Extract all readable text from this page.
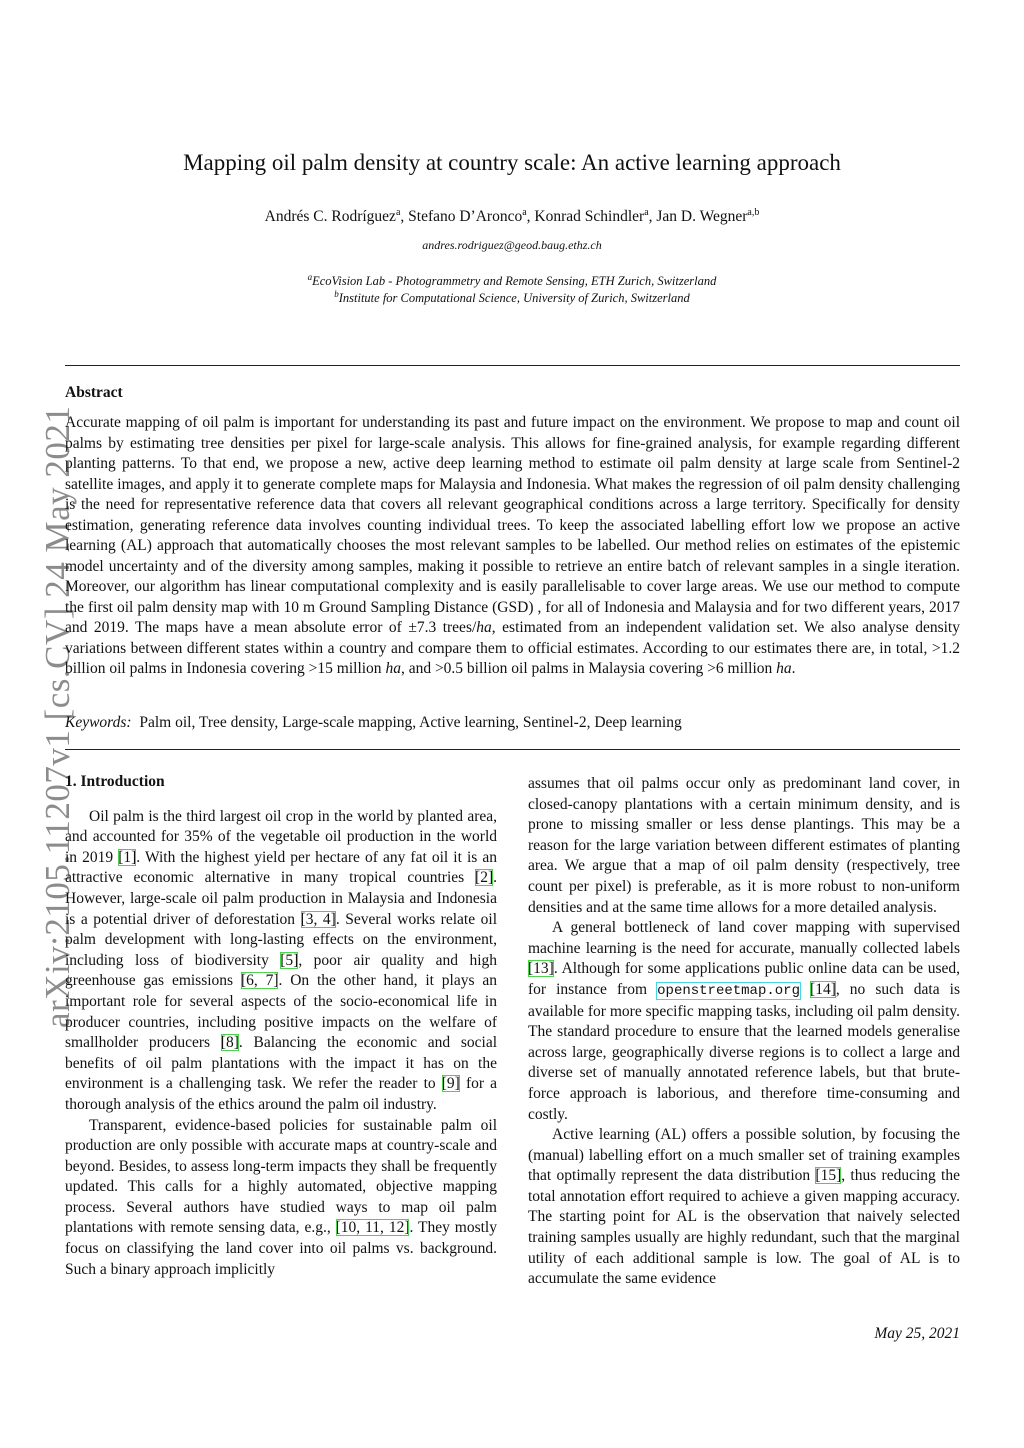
arXiv:2105.11207v1 [cs.CV] 24 May 2021
Mapping oil palm density at country scale: An active learning approach
Andrés C. Rodríguez$^a$, Stefano D’Aronco$^a$, Konrad Schindler$^a$, Jan D. Wegner$^{a,b}$
andres.rodriguez@geod.baug.ethz.ch
$^a$EcoVision Lab - Photogrammetry and Remote Sensing, ETH Zurich, Switzerland
$^b$Institute for Computational Science, University of Zurich, Switzerland
Abstract

Accurate mapping of oil palm is important for understanding its past and future impact on the environment. We propose to map and count oil palms by estimating tree densities per pixel for large-scale analysis. This allows for fine-grained analysis, for example regarding different planting patterns. To that end, we propose a new, active deep learning method to estimate oil palm density at large scale from Sentinel-2 satellite images, and apply it to generate complete maps for Malaysia and Indonesia. What makes the regression of oil palm density challenging is the need for representative reference data that covers all relevant geographical conditions across a large territory. Specifically for density estimation, generating reference data involves counting individual trees. To keep the associated labelling effort low we propose an active learning (AL) approach that automatically chooses the most relevant samples to be labelled. Our method relies on estimates of the epistemic model uncertainty and of the diversity among samples, making it possible to retrieve an entire batch of relevant samples in a single iteration. Moreover, our algorithm has linear computational complexity and is easily parallelisable to cover large areas. We use our method to compute the first oil palm density map with 10 m Ground Sampling Distance (GSD) , for all of Indonesia and Malaysia and for two different years, 2017 and 2019. The maps have a mean absolute error of ±7.3 trees/ha, estimated from an independent validation set. We also analyse density variations between different states within a country and compare them to official estimates. According to our estimates there are, in total, >1.2 billion oil palms in Indonesia covering >15 million ha, and >0.5 billion oil palms in Malaysia covering >6 million ha.

Keywords: Palm oil, Tree density, Large-scale mapping, Active learning, Sentinel-2, Deep learning

1. Introduction

Oil palm is the third largest oil crop in the world by planted area, and accounted for 35% of the vegetable oil production in the world in 2019 [1]. With the highest yield per hectare of any fat oil it is an attractive economic alternative in many tropical countries [2]. However, large-scale oil palm production in Malaysia and Indonesia is a potential driver of deforestation [3, 4]. Several works relate oil palm development with long-lasting effects on the environment, including loss of biodiversity [5], poor air quality and high greenhouse gas emissions [6, 7]. On the other hand, it plays an important role for several aspects of the socio-economical life in producer countries, including positive impacts on the welfare of smallholder producers [8]. Balancing the economic and social benefits of oil palm plantations with the impact it has on the environment is a challenging task. We refer the reader to [9] for a thorough analysis of the ethics around the palm oil industry.

Transparent, evidence-based policies for sustainable palm oil production are only possible with accurate maps at country-scale and beyond. Besides, to assess long-term impacts they shall be frequently updated. This calls for a highly automated, objective mapping process. Several authors have studied ways to map oil palm plantations with remote sensing data, e.g., [10, 11, 12]. They mostly focus on classifying the land cover into oil palms vs. background. Such a binary approach implicitly

assumes that oil palms occur only as predominant land cover, in closed-canopy plantations with a certain minimum density, and is prone to missing smaller or less dense plantings. This may be a reason for the large variation between different estimates of planting area. We argue that a map of oil palm density (respectively, tree count per pixel) is preferable, as it is more robust to non-uniform densities and at the same time allows for a more detailed analysis.

A general bottleneck of land cover mapping with supervised machine learning is the need for accurate, manually collected labels [13]. Although for some applications public online data can be used, for instance from openstreetmap.org [14], no such data is available for more specific mapping tasks, including oil palm density. The standard procedure to ensure that the learned models generalise across large, geographically diverse regions is to collect a large and diverse set of manually annotated reference labels, but that brute-force approach is laborious, and therefore time-consuming and costly.

Active learning (AL) offers a possible solution, by focusing the (manual) labelling effort on a much smaller set of training examples that optimally represent the data distribution [15], thus reducing the total annotation effort required to achieve a given mapping accuracy. The starting point for AL is the observation that naively selected training samples usually are highly redundant, such that the marginal utility of each additional sample is low. The goal of AL is to accumulate the same evidence

May 25, 2021
